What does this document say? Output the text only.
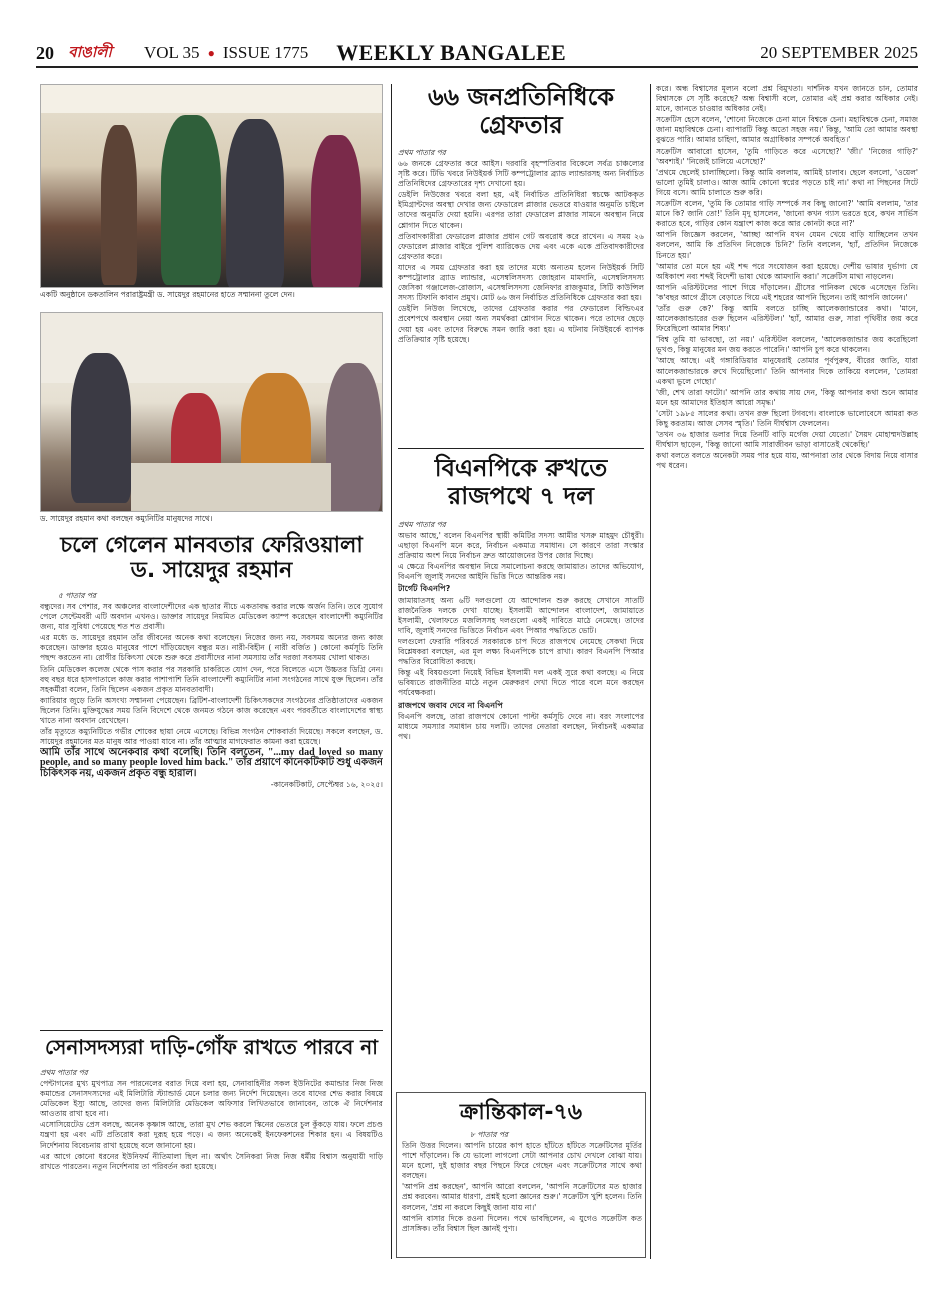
20 বাঙালী VOL 35 ● ISSUE 1775 WEEKLY BANGALEE	20 SEPTEMBER 2025
একটি অনুষ্ঠানে ডকতালিন পরারাষ্ট্রমন্ত্রী ড. সায়েদুর রহমানের হাতে সম্মাননা তুলে দেন।
ড. সায়েদুর রহমান কথা বলছেন কম্যুনিটির মানুষদের সাথে।
চলে গেলেন মানবতার ফেরিওয়ালা
ড. সায়েদুর রহমান
৫ পাতার পর

বন্ধুদের। সব পেশার, সব অঞ্চলের বাংলাদেশীদের এক ছাতার নীচে একতাবদ্ধ করার লক্ষে অর্জন তিনি। তবে সুযোগ পেলে সেন্টেমবরী এটি অবদান এখনও। ডাক্তার সায়েদুর নিয়মিত মেডিকেল ক্যাম্প করেছেন বাংলাদেশী কম্যুনিটির জন্য, যার সুবিধা পেয়েছে শত শত প্রবাসী।

এর মধ্যে ড. সায়েদুর রহমান তাঁর জীবনের অনেক কথা বলেছেন। নিজের জন্য নয়, সবসময় অন্যের জন্য কাজ করেছেন। ডাক্তার হয়েও মানুষের পাশে দাঁড়িয়েছেন বন্ধুর মত। নারী-বিহীন ( নারী বর্জিত ) কোনো কর্মসূচি তিনি পছন্দ করতেন না। রোগীর চিকিৎসা থেকে শুরু করে প্রবাসীদের নানা সমস্যায় তাঁর দরজা সবসময় খোলা থাকত।

তিনি মেডিকেল কলেজ থেকে পাস করার পর সরকারি চাকরিতে যোগ দেন, পরে বিলেতে এসে উচ্চতর ডিগ্রি নেন। বহু বছর ধরে হাসপাতালে কাজ করার পাশাপাশি তিনি বাংলাদেশী কম্যুনিটির নানা সংগঠনের সাথে যুক্ত ছিলেন। তাঁর সহকর্মীরা বলেন, তিনি ছিলেন একজন প্রকৃত মানবতাবাদী।

ক্যারিয়ার জুড়ে তিনি অসংখ্য সম্মাননা পেয়েছেন। ব্রিটিশ-বাংলাদেশী চিকিৎসকদের সংগঠনের প্রতিষ্ঠাতাদের একজন ছিলেন তিনি। মুক্তিযুদ্ধের সময় তিনি বিদেশে থেকে জনমত গঠনে কাজ করেছেন এবং পরবর্তীতে বাংলাদেশের স্বাস্থ্য খাতে নানা অবদান রেখেছেন।

তাঁর মৃত্যুতে কম্যুনিটিতে গভীর শোকের ছায়া নেমে এসেছে। বিভিন্ন সংগঠন শোকবার্তা দিয়েছে। সকলে বলছেন, ড. সায়েদুর রহমানের মত মানুষ আর পাওয়া যাবে না। তাঁর আত্মার মাগফেরাত কামনা করা হয়েছে।

আমি তাঁর সাথে অনেকবার কথা বলেছি। তিনি বলতেন, "...my dad loved so many people, and so many people loved him back." তাঁর প্রয়াণে কানেকটিকাট শুধু একজন চিকিৎসক নয়, একজন প্রকৃত বন্ধু হারাল।

-কানেকটিকাট, সেপ্টেম্বর ১৬, ২০২৫।

সেনাসদস্যরা দাড়ি-গোঁফ রাখতে পারবে না
প্রথম পাতার পর

পেন্টাগনের মুখ্য মুখপাত্র সন পারনেলের বরাত দিয়ে বলা হয়, সেনাবাহিনীর সকল ইউনিটের কমান্ডার নিজ নিজ কমান্ডের সেনাসদস্যদের এই মিলিটারি স্ট্যান্ডার্ড মেনে চলার জন্য নির্দেশ দিয়েছেন। তবে যাদের শেভ করার বিষয়ে মেডিকেল ইস্যু আছে, তাদের জন্য মিলিটারি মেডিকেল অফিসার লিখিতভাবে জানাবেন, তাকে ঐ নির্দেশনার আওতায় রাখা হবে না।

এসোসিয়েটেড প্রেস বলছে, অনেক কৃষ্ণাঙ্গ আছে, তারা মুখ শেভ করলে স্কিনের ভেতরে চুল কুঁকড়ে যায়। ফলে প্রচণ্ড যন্ত্রণা হয় এবং এটি প্রতিরোধ করা দুরূহ হয়ে পড়ে। এ জন্য অনেকেই ইনফেকশনের শিকার হন। এ বিষয়টিও নির্দেশনায় বিবেচনায় রাখা হয়েছে বলে জানানো হয়।

এর আগে কোনো ধরনের ইউনিফর্ম নীতিমালা ছিল না। অর্থাৎ সৈনিকরা নিজ নিজ ধর্মীয় বিশ্বাস অনুযায়ী দাড়ি রাখতে পারতেন। নতুন নির্দেশনায় তা পরিবর্তন করা হয়েছে।

৬৬ জনপ্রতিনিধিকে
গ্রেফতার
প্রথম পাতার পর

৬৬ জনকে গ্রেফতার করে আইস। দরবারি বৃহস্পতিবার বিকেলে সর্বত্র চাঞ্চল্যের সৃষ্টি করে। টিভি খবরে নিউইয়র্ক সিটি কম্পট্রোলার ব্র্যাড ল্যান্ডারসহ অন্য নির্বাচিত প্রতিনিধিদের গ্রেফতারের দৃশ্য দেখানো হয়।

ডেইলি নিউজের খবরে বলা হয়, এই নির্বাচিত প্রতিনিধিরা স্বচক্ষে আটককৃত ইমিগ্রান্টদের অবস্থা দেখার জন্য ফেডারেল প্লাজার ভেতরে যাওয়ার অনুমতি চাইলে তাদের অনুমতি দেয়া হয়নি। এরপর তারা ফেডারেল প্লাজার সামনে অবস্থান নিয়ে শ্লোগান দিতে থাকেন।

প্রতিবাদকারীরা ফেডারেল প্লাজার প্রধান গেট অবরোধ করে রাখেন। এ সময় ২৬ ফেডারেল প্লাজার বাইরে পুলিশ ব্যারিকেড দেয় এবং একে একে প্রতিবাদকারীদের গ্রেফতার করে।

যাদের এ সময় গ্রেফতার করা হয় তাদের মধ্যে অন্যতম হলেন নিউইয়র্ক সিটি কম্পট্রোলার ব্র্যাড ল্যান্ডার, এসেম্বলিসদস্য জোহরান মামদানি, এসেম্বলিসদস্য জেসিকা গঞ্জালেজ-রোজাস, এসেম্বলিসদস্য জেনিফার রাজকুমার, সিটি কাউন্সিল সদস্য টিফানি কাবান প্রমুখ। মোট ৬৬ জন নির্বাচিত প্রতিনিধিকে গ্রেফতার করা হয়।

ডেইলি নিউজ লিখেছে, তাদের গ্রেফতার করার পর ফেডারেল বিল্ডিংএর প্রবেশপথে অবস্থান নেয়া অন্য সমর্থকরা শ্লোগান দিতে থাকেন। পরে তাদের ছেড়ে দেয়া হয় এবং তাদের বিরুদ্ধে সমন জারি করা হয়। এ ঘটনায় নিউইয়র্কে ব্যাপক প্রতিক্রিয়ার সৃষ্টি হয়েছে।

বিএনপিকে রুখতে
রাজপথে ৭ দল
প্রথম পাতার পর

অভাব আছে,' বলেন বিএনপির স্থায়ী কমিটির সদস্য আমীর খসরু মাহমুদ চৌধুরী। এছাড়া বিএনপি মনে করে, নির্বাচন একমাত্র সমাধান। সে কারণে তারা সংস্কার প্রক্রিয়ায় অংশ নিয়ে নির্বাচন দ্রুত আয়োজনের উপর জোর দিচ্ছে।

এ ক্ষেত্রে বিএনপির অবস্থান নিয়ে সমালোচনা করছে জামায়াত। তাদের অভিযোগ, বিএনপি জুলাই সনদের আইনি ভিত্তি দিতে আন্তরিক নয়।

টার্গেট বিএনপি?

জামায়াতসহ অন্য ৬টি দলগুলো যে আন্দোলন শুরু করছে সেখানে সাতটি রাজনৈতিক দলকে দেখা যাচ্ছে। ইসলামী আন্দোলন বাংলাদেশ, জামায়াতে ইসলামী, খেলাফতে মজলিসসহ দলগুলো একই দাবিতে মাঠে নেমেছে। তাদের দাবি, জুলাই সনদের ভিত্তিতে নির্বাচন এবং পিআর পদ্ধতিতে ভোট।

দলগুলো ফেরারি পরিবর্তে সরকারকে চাপ দিতে রাজপথে নেমেছে সেকথা দিয়ে বিশ্লেষকরা বলছেন, এর মূল লক্ষ্য বিএনপিকে চাপে রাখা। কারণ বিএনপি পিআর পদ্ধতির বিরোধিতা করছে।

কিন্তু এই বিষয়গুলো নিয়েই বিভিন্ন ইসলামী দল একই সুরে কথা বলছে। এ নিয়ে ভবিষ্যতে রাজনীতির মাঠে নতুন মেরুকরণ দেখা দিতে পারে বলে মনে করছেন পর্যবেক্ষকরা।

রাজপথে জবাব দেবে না বিএনপি

বিএনপি বলছে, তারা রাজপথে কোনো পাল্টা কর্মসূচি দেবে না। বরং সংলাপের মাধ্যমে সমস্যার সমাধান চায় দলটি। তাদের নেতারা বলছেন, নির্বাচনই একমাত্র পথ।

ক্রান্তিকাল-৭৬
৮ পাতার পর

তিনি উত্তর দিলেন। আপনি চায়ের কাপ হাতে হাঁটতে হাঁটতে সক্রেটিসের মূর্তির পাশে দাঁড়ালেন। কি যে ভালো লাগলো সেটা আপনার চোখ দেখলে বোঝা যায়। মনে হলো, দুই হাজার বছর পিছনে ফিরে গেছেন এবং সক্রেটিসের সাথে কথা বলছেন।

'আপনি প্রশ্ন করছেন', আপনি আরো বললেন, 'আপনি সক্রেটিসের মত হাজার প্রশ্ন করবেন। আমার ধারণা, প্রশ্নই হলো জ্ঞানের শুরু।' সক্রেটিস খুশি হলেন। তিনি বললেন, 'প্রশ্ন না করলে কিছুই জানা যায় না।'

আপনি বাসার দিকে রওনা দিলেন। পথে ভাবছিলেন, এ যুগেও সক্রেটিস কত প্রাসঙ্গিক। তাঁর বিশ্বাস ছিল জ্ঞানই পুণ্য।

করে। অন্ধ বিশ্বাসের মূল্যন বলো প্রশ্ন বিমুখতা। দার্শনিক যখন জানতে চান, তোমার বিশ্বাসকে সে সৃষ্টি করেছে? অন্ধ বিশ্বাসী বলে, তোমার এই প্রশ্ন করার অধিকার নেই। মানে, জানতে চাওয়ার অধিকার নেই।

সক্রেটিস হেসে বলেন, 'শোনো নিজেকে চেনা মানে বিশ্বকে চেনা। মহাবিশ্বকে চেনা, সমাজ জানা মহাবিশ্বকে চেনা। ব্যাপারটি কিন্তু অতো সহজ নয়।' কিন্তু, 'আমি তো আমার অবস্থা বুঝতে পারি। আমার চাহিদা, আমার অগ্রাধিকার সম্পর্কে অবহিত।'

সক্রেটিস আবারো হাসেন, 'তুমি গাড়িতে করে এসেছো?' 'জী।' 'নিজের গাড়ি?' 'অবশ্যই।' 'নিজেই চালিয়ে এসেছো?'

'প্রথমে ছেলেই চালাচ্ছিলো। কিন্তু আমি বললাম, আমিই চালাব। ছেলে বললো, 'ওয়েল' ভালো তুমিই চালাও। আজ আমি কোনো স্বপ্নের পড়তে চাই না।' কথা না পিছনের সিটে গিয়ে বসে। আমি চালাতে শুরু করি।

সক্রেটিস বলেন, 'তুমি কি তোমার গাড়ি সম্পর্কে সব কিছু জানো?' 'আমি বললাম, 'তার মানে কি? জানি তো!' তিনি মৃদু হাসলেন, 'জানো কখন গ্যাস ভরতে হবে, কখন সার্ভিস করাতে হবে, গাড়ির কোন যন্ত্রাংশ কাজ করে আর কোনটা করে না?'

আপনি জিজ্ঞেস করলেন, 'আচ্ছা আপনি যখন যেমন খেয়ে বাড়ি যাচ্ছিলেন তখন বললেন, আমি কি প্রতিদিন নিজেকে চিনি?' তিনি বললেন, 'হ্যাঁ, প্রতিদিন নিজেকে চিনতে হয়।'

'আমার তো মনে হয় এই শব্দ পরে সংযোজন করা হয়েছে। দেশীয় ভাষার দুর্ভাগ্য যে অধিকাংশ নব্য শব্দই বিদেশী ভাষা থেকে আমদানি করা।' সক্রেটিস মাথা নাড়লেন।

আপনি এরিস্টটলের পাশে গিয়ে দাঁড়ালেন। গ্রীসের পানিকল থেকে এসেছেন তিনি। 'ক'বছর আগে গ্রীসে বেড়াতে গিয়ে এই শহরের আপনি ছিলেন। তাই আপনি জানেন।'

'তাঁর গুরু কে?' কিন্তু আমি বলতে চাচ্ছি আলেকজান্ডারের কথা। 'মানে, আলেকজান্ডারের গুরু ছিলেন এরিস্টটল।' 'হ্যাঁ, আমার গুরু, সারা পৃথিবীর জয় করে ফিরেছিলো আমার শিষ্য।'

'বিশ্ব তুমি যা ভাবছো, তা নয়।' এরিস্টটল বললেন, 'আলেকজান্ডার জয় করেছিলো ভূখণ্ড, কিন্তু মানুষের মন জয় করতে পারেনি।' আপনি চুপ করে থাকলেন।

'আছে আছে। এই গঙ্গারিডিয়ার মানুষেরাই তোমার পূর্বপুরুষ, বীরের জাতি, যারা আলেকজান্ডারকে রুখে দিয়েছিলো।' তিনি আপনার দিকে তাকিয়ে বললেন, 'তোমরা একথা ভুলে গেছো।'

'জী, শেখ তারা ফাটো।' আপনি তার কথায় সায় দেন, 'কিন্তু আপনার কথা শুনে আমার মনে হয় আমাদের ইতিহাস আরো সমৃদ্ধ।'

'সেটা ১৯৮৫ সালের কথা। তখন রক্ত ছিলো টগবগে। বাংলাকে ভালোবেসে আমরা কত কিছু করতাম। আজ সেসব স্মৃতি।' তিনি দীর্ঘশ্বাস ফেললেন।

'তখন ৩৬ হাজার ডলার দিয়ে তিনটি বাড়ি মর্গেজ দেয়া যেতো।' সৈয়দ মোহাম্মদউল্লাহ দীর্ঘশ্বাস ছাড়েন, 'কিন্তু জানো আমি সারাজীবন ভাড়া বাসাতেই থেকেছি।'

কথা বলতে বলতে অনেকটা সময় পার হয়ে যায়, আপনারা তার থেকে বিদায় নিয়ে বাসার পথ ধরেন।
